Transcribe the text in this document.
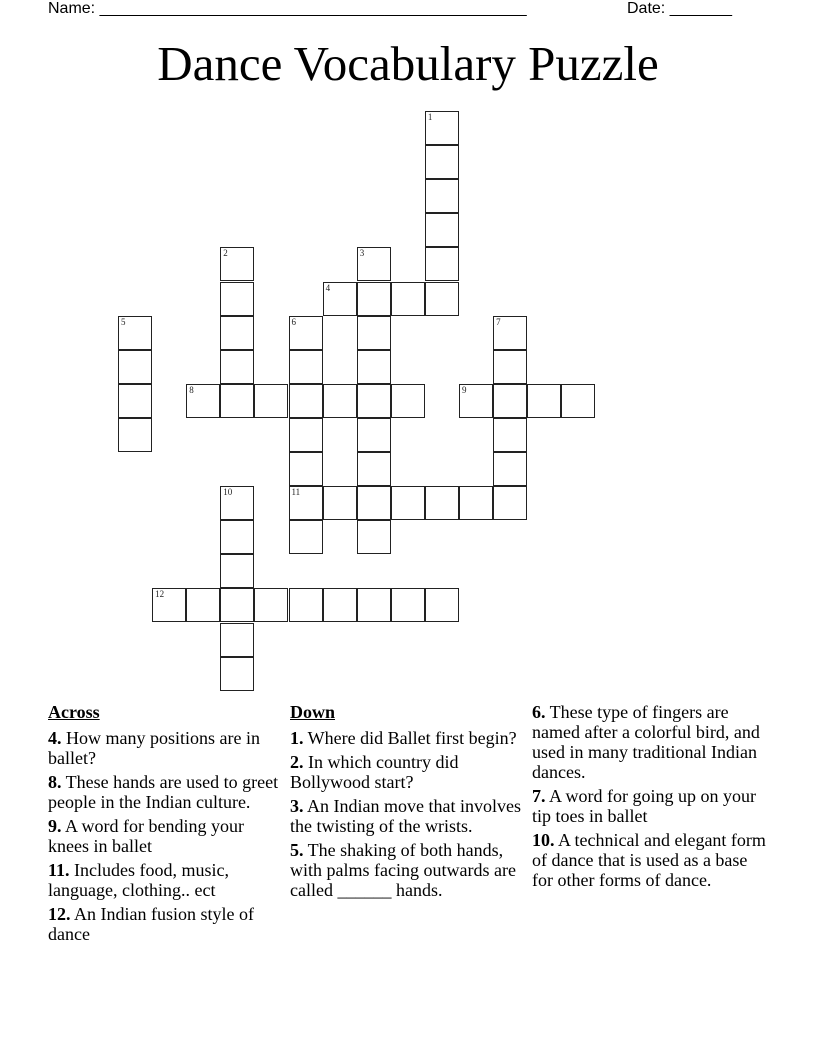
Name: ________________________________________________	Date: _______
Dance Vocabulary Puzzle
1
2	3
4
5	6
11
7
8	9
10
12
Across
4. How many positions are in ballet?
8. These hands are used to greet people in the Indian culture.
9. A word for bending your knees in ballet
11. Includes food, music, language, clothing.. ect
12. An Indian fusion style of dance
Down
1. Where did Ballet first begin?
2. In which country did Bollywood start?
3. An Indian move that involves the twisting of the wrists.
5. The shaking of both hands, with palms facing outwards are called ______ hands.
6. These type of fingers are named after a colorful bird, and used in many traditional Indian dances.
7. A word for going up on your tip toes in ballet
10. A technical and elegant form of dance that is used as a base for other forms of dance.
